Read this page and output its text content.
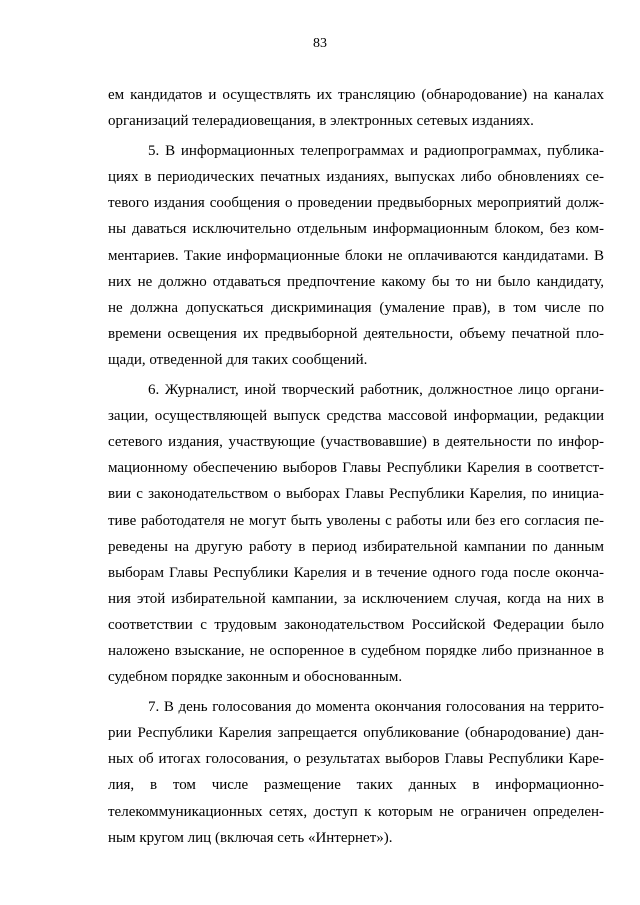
83
ем кандидатов и осуществлять их трансляцию (обнародование) на каналах
организаций телерадиовещания, в электронных сетевых изданиях.
5. В информационных телепрограммах и радиопрограммах, публика-
циях в периодических печатных изданиях, выпусках либо обновлениях се-
тевого издания сообщения о проведении предвыборных мероприятий долж-
ны даваться исключительно отдельным информационным блоком, без ком-
ментариев. Такие информационные блоки не оплачиваются кандидатами. В
них не должно отдаваться предпочтение какому бы то ни было кандидату,
не должна допускаться дискриминация (умаление прав), в том числе по
времени освещения их предвыборной деятельности, объему печатной пло-
щади, отведенной для таких сообщений.
6. Журналист, иной творческий работник, должностное лицо органи-
зации, осуществляющей выпуск средства массовой информации, редакции
сетевого издания, участвующие (участвовавшие) в деятельности по инфор-
мационному обеспечению выборов Главы Республики Карелия в соответст-
вии с законодательством о выборах Главы Республики Карелия, по инициа-
тиве работодателя не могут быть уволены с работы или без его согласия пе-
реведены на другую работу в период избирательной кампании по данным
выборам Главы Республики Карелия и в течение одного года после оконча-
ния этой избирательной кампании, за исключением случая, когда на них в
соответствии с трудовым законодательством Российской Федерации было
наложено взыскание, не оспоренное в судебном порядке либо признанное в
судебном порядке законным и обоснованным.
7. В день голосования до момента окончания голосования на террито-
рии Республики Карелия запрещается опубликование (обнародование) дан-
ных об итогах голосования, о результатах выборов Главы Республики Каре-
лия, в том числе размещение таких данных в информационно-
телекоммуникационных сетях, доступ к которым не ограничен определен-
ным кругом лиц (включая сеть «Интернет»).
